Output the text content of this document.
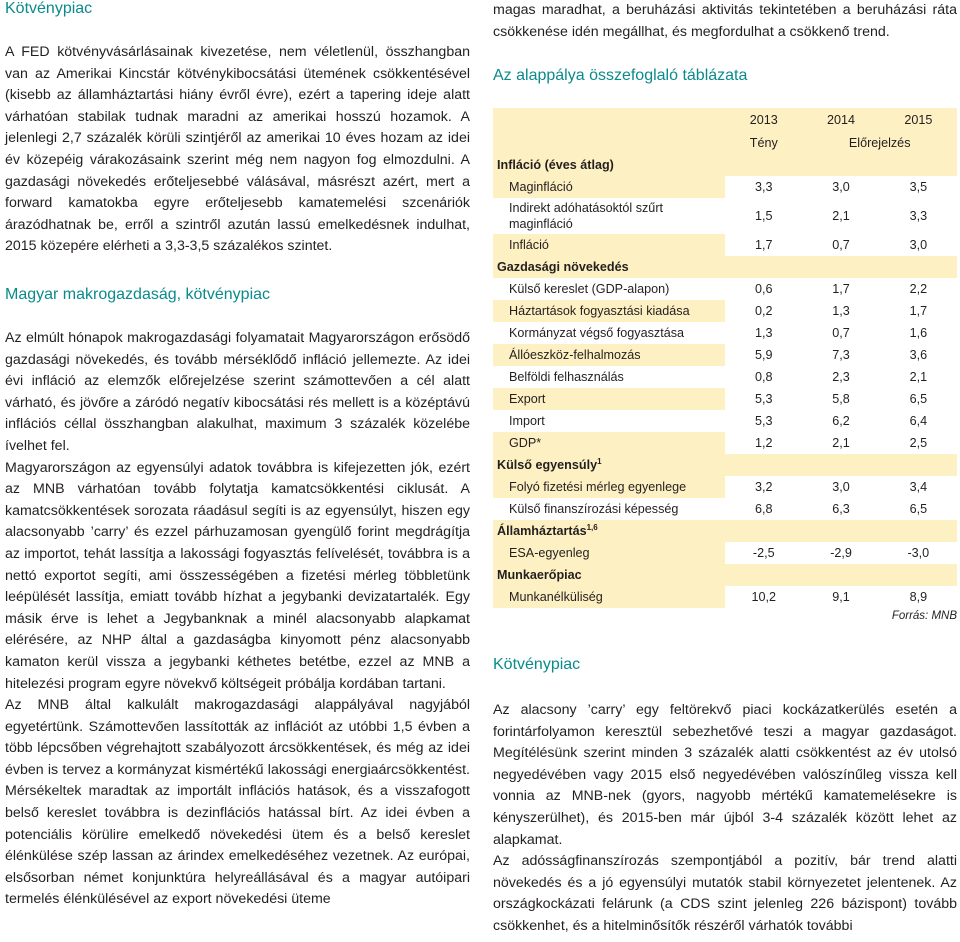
Kötvénypiac

A FED kötvényvásárlásainak kivezetése, nem véletlenül, összhangban van az Amerikai Kincstár kötvénykibocsátási ütemének csökkentésével (kisebb az államháztartási hiány évről évre), ezért a tapering ideje alatt várhatóan stabilak tudnak maradni az amerikai hosszú hozamok. A jelenlegi 2,7 százalék körüli szintjéről az amerikai 10 éves hozam az idei év közepéig várakozásaink szerint még nem nagyon fog elmozdulni. A gazdasági növekedés erőteljesebbé válásával, másrészt azért, mert a forward kamatokba egyre erőteljesebb kamatemelési szcenáriók árazódhatnak be, erről a szintről azután lassú emelkedésnek indulhat, 2015 közepére elérheti a 3,3-3,5 százalékos szintet.

Magyar makrogazdaság, kötvénypiac

Az elmúlt hónapok makrogazdasági folyamatait Magyarországon erősödő gazdasági növekedés, és tovább mérséklődő infláció jellemezte. Az idei évi infláció az elemzők előrejelzése szerint számottevően a cél alatt várható, és jövőre a záródó negatív kibocsátási rés mellett is a középtávú inflációs céllal összhangban alakulhat, maximum 3 százalék közelébe ívelhet fel.

Magyarországon az egyensúlyi adatok továbbra is kifejezetten jók, ezért az MNB várhatóan tovább folytatja kamatcsökkentési ciklusát. A kamatcsökkentések sorozata ráadásul segíti is az egyensúlyt, hiszen egy alacsonyabb ’carry’ és ezzel párhuzamosan gyengülő forint megdrágítja az importot, tehát lassítja a lakossági fogyasztás felívelését, továbbra is a nettó exportot segíti, ami összességében a fizetési mérleg többletünk leépülését lassítja, emiatt tovább hízhat a jegybanki devizatartalék. Egy másik érve is lehet a Jegybanknak a minél alacsonyabb alapkamat elérésére, az NHP által a gazdaságba kinyomott pénz alacsonyabb kamaton kerül vissza a jegybanki kéthetes betétbe, ezzel az MNB a hitelezési program egyre növekvő költségeit próbálja kordában tartani.

Az MNB által kalkulált makrogazdasági alappályával nagyjából egyetértünk. Számottevően lassították az inflációt az utóbbi 1,5 évben a több lépcsőben végrehajtott szabályozott árcsökkentések, és még az idei évben is tervez a kormányzat kismértékű lakossági energiaárcsökkentést. Mérsékeltek maradtak az importált inflációs hatások, és a visszafogott belső kereslet továbbra is dezinflációs hatással bírt. Az idei évben a potenciális körülire emelkedő növekedési ütem és a belső kereslet élénkülése szép lassan az árindex emelkedéséhez vezetnek. Az európai, elsősorban német konjunktúra helyreállásával és a magyar autóipari termelés élénkülésével az export növekedési üteme

magas maradhat, a beruházási aktivitás tekintetében a beruházási ráta csökkenése idén megállhat, és megfordulhat a csökkenő trend.

Az alappálya összefoglaló táblázata
	2013	2014	2015
	Tény	Előrejelzés	
Infláció (éves átlag)			
Maginfláció	3,3	3,0	3,5
Indirekt adóhatásoktól szűrt maginfláció	1,5	2,1	3,3
Infláció	1,7	0,7	3,0
Gazdasági növekedés			
Külső kereslet (GDP-alapon)	0,6	1,7	2,2
Háztartások fogyasztási kiadása	0,2	1,3	1,7
Kormányzat végső fogyasztása	1,3	0,7	1,6
Állóeszköz-felhalmozás	5,9	7,3	3,6
Belföldi felhasználás	0,8	2,3	2,1
Export	5,3	5,8	6,5
Import	5,3	6,2	6,4
GDP*	1,2	2,1	2,5
Külső egyensúly$^1$
Folyó fizetési mérleg egyenlege	3,2	3,0	3,4
Külső finanszírozási képesség	6,8	6,3	6,5
Államháztartás$^{1,6}$
ESA-egyenleg	-2,5	-2,9	-3,0
Munkaerőpiac			
Munkanélküliség	10,2	9,1	8,9
Forrás: MNB
Kötvénypiac

Az alacsony ’carry’ egy feltörekvő piaci kockázatkerülés esetén a forintárfolyamon keresztül sebezhetővé teszi a magyar gazdaságot. Megítélésünk szerint minden 3 százalék alatti csökkentést az év utolsó negyedévében vagy 2015 első negyedévében valószínűleg vissza kell vonnia az MNB-nek (gyors, nagyobb mértékű kamatemelésekre is kényszerülhet), és 2015-ben már újból 3-4 százalék között lehet az alapkamat.

Az adósságfinanszírozás szempontjából a pozitív, bár trend alatti növekedés és a jó egyensúlyi mutatók stabil környezetet jelentenek. Az országkockázati felárunk (a CDS szint jelenleg 226 bázispont) tovább csökkenhet, és a hitelminősítők részéről várhatók további
